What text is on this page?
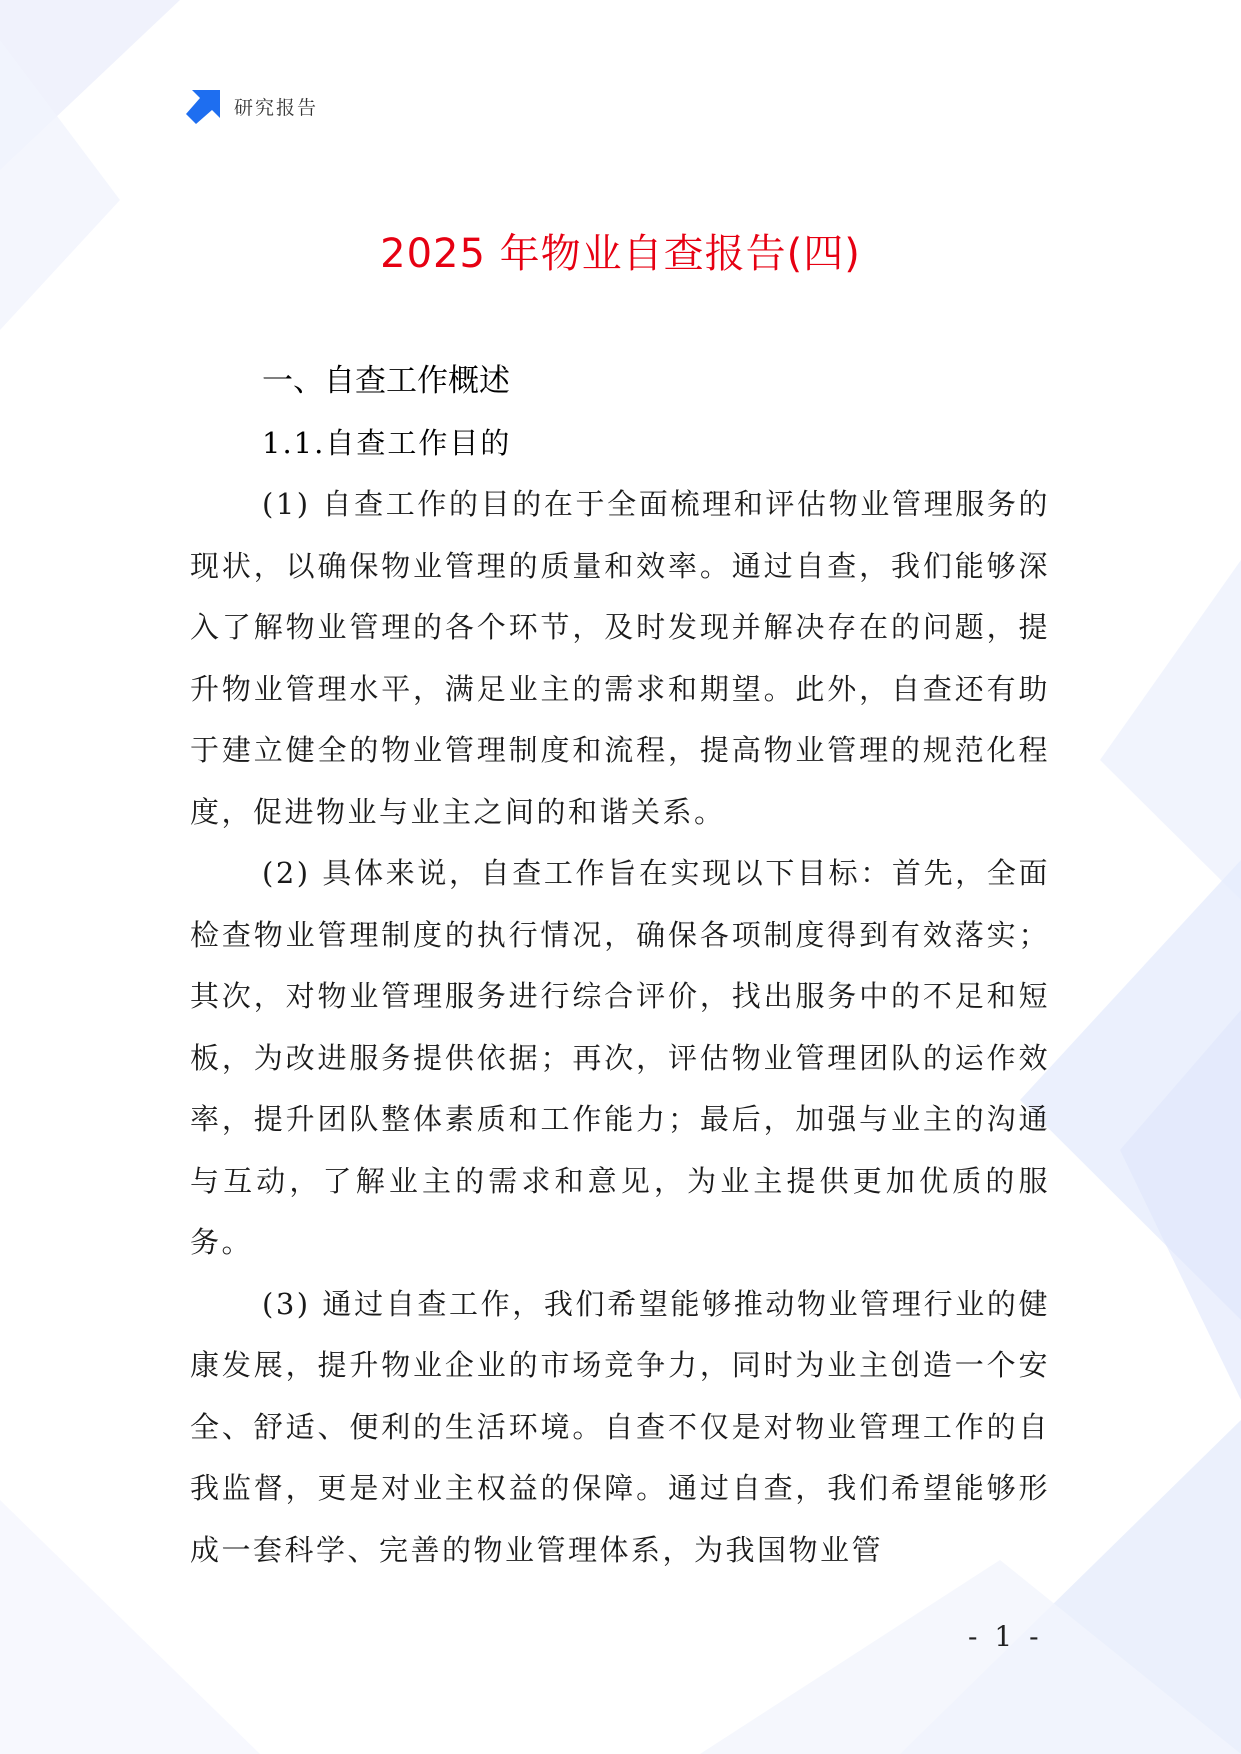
研究报告
2025 年物业自查报告(四)
一、自查工作概述
1.1.自查工作目的

(1) 自查工作的目的在于全面梳理和评估物业管理服务的现状，以确保物业管理的质量和效率。通过自查，我们能够深入了解物业管理的各个环节，及时发现并解决存在的问题，提升物业管理水平，满足业主的需求和期望。此外，自查还有助于建立健全的物业管理制度和流程，提高物业管理的规范化程度，促进物业与业主之间的和谐关系。

(2) 具体来说，自查工作旨在实现以下目标：首先，全面检查物业管理制度的执行情况，确保各项制度得到有效落实；其次，对物业管理服务进行综合评价，找出服务中的不足和短板，为改进服务提供依据；再次，评估物业管理团队的运作效率，提升团队整体素质和工作能力；最后，加强与业主的沟通与互动，了解业主的需求和意见，为业主提供更加优质的服务。

(3) 通过自查工作，我们希望能够推动物业管理行业的健康发展，提升物业企业的市场竞争力，同时为业主创造一个安全、舒适、便利的生活环境。自查不仅是对物业管理工作的自我监督，更是对业主权益的保障。通过自查，我们希望能够形成一套科学、完善的物业管理体系，为我国物业管

- 1 -
